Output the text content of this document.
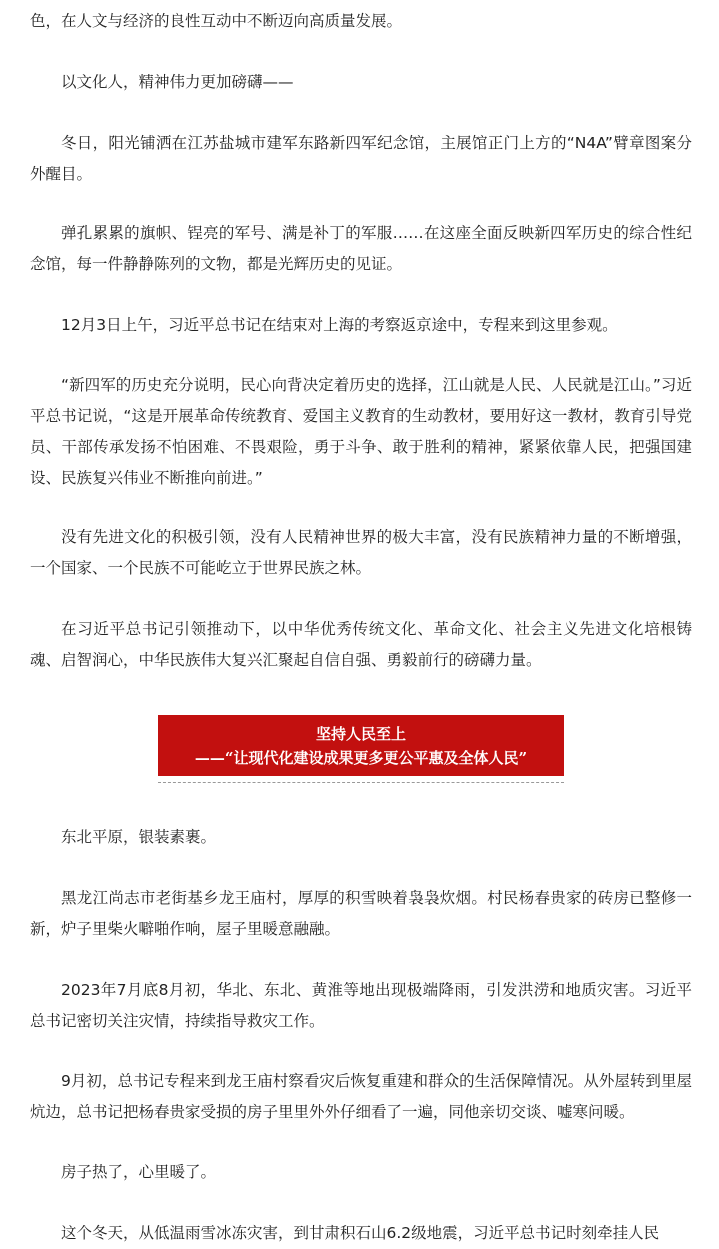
色，在人文与经济的良性互动中不断迈向高质量发展。

以文化人，精神伟力更加磅礴——

冬日，阳光铺洒在江苏盐城市建军东路新四军纪念馆，主展馆正门上方的“N4A”臂章图案分外醒目。

弹孔累累的旗帜、锃亮的军号、满是补丁的军服……在这座全面反映新四军历史的综合性纪念馆，每一件静静陈列的文物，都是光辉历史的见证。

12月3日上午，习近平总书记在结束对上海的考察返京途中，专程来到这里参观。

“新四军的历史充分说明，民心向背决定着历史的选择，江山就是人民、人民就是江山。”习近平总书记说，“这是开展革命传统教育、爱国主义教育的生动教材，要用好这一教材，教育引导党员、干部传承发扬不怕困难、不畏艰险，勇于斗争、敢于胜利的精神，紧紧依靠人民，把强国建设、民族复兴伟业不断推向前进。”

没有先进文化的积极引领，没有人民精神世界的极大丰富，没有民族精神力量的不断增强，一个国家、一个民族不可能屹立于世界民族之林。

在习近平总书记引领推动下，以中华优秀传统文化、革命文化、社会主义先进文化培根铸魂、启智润心，中华民族伟大复兴汇聚起自信自强、勇毅前行的磅礴力量。

坚持人民至上
——“让现代化建设成果更多更公平惠及全体人民”

东北平原，银装素裹。

黑龙江尚志市老街基乡龙王庙村，厚厚的积雪映着袅袅炊烟。村民杨春贵家的砖房已整修一新，炉子里柴火噼啪作响，屋子里暖意融融。

2023年7月底8月初，华北、东北、黄淮等地出现极端降雨，引发洪涝和地质灾害。习近平总书记密切关注灾情，持续指导救灾工作。

9月初，总书记专程来到龙王庙村察看灾后恢复重建和群众的生活保障情况。从外屋转到里屋炕边，总书记把杨春贵家受损的房子里里外外仔细看了一遍，同他亲切交谈、嘘寒问暖。

房子热了，心里暖了。

这个冬天，从低温雨雪冰冻灾害，到甘肃积石山6.2级地震，习近平总书记时刻牵挂人民
